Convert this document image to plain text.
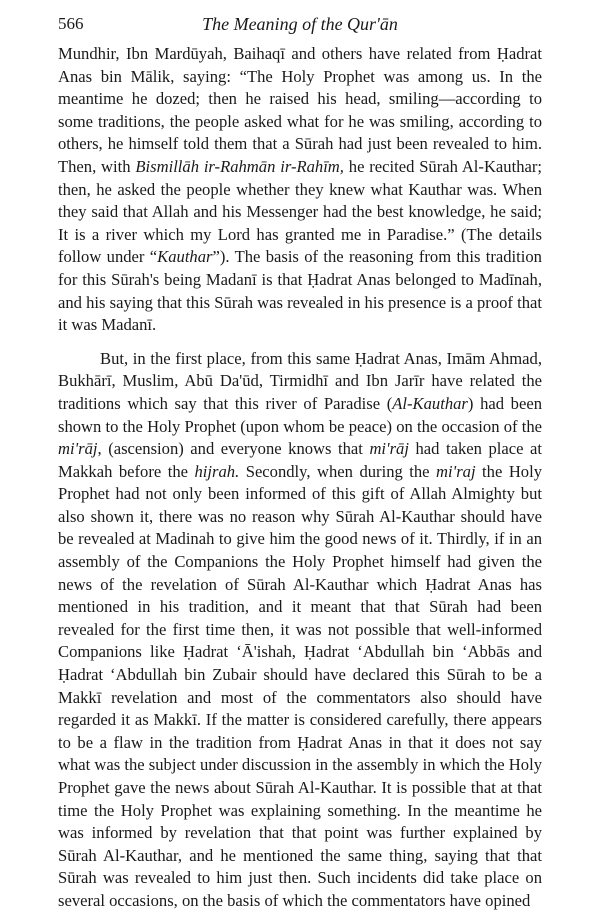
566	The Meaning of the Qur'ān

Mundhir, Ibn Mardūyah, Baihaqī and others have related from Ḥadrat Anas bin Mālik, saying: “The Holy Prophet was among us. In the meantime he dozed; then he raised his head, smiling—according to some traditions, the people asked what for he was smiling, according to others, he himself told them that a Sūrah had just been revealed to him. Then, with Bismillāh ir-Rahmān ir-Rahīm, he recited Sūrah Al-Kauthar; then, he asked the people whether they knew what Kauthar was. When they said that Allah and his Messenger had the best knowledge, he said; It is a river which my Lord has granted me in Paradise.” (The details follow under “Kauthar”). The basis of the reasoning from this tradition for this Sūrah's being Madanī is that Ḥadrat Anas belonged to Madīnah, and his saying that this Sūrah was revealed in his presence is a proof that it was Madanī.

But, in the first place, from this same Ḥadrat Anas, Imām Ahmad, Bukhārī, Muslim, Abū Da'ūd, Tirmidhī and Ibn Jarīr have related the traditions which say that this river of Paradise (Al-Kauthar) had been shown to the Holy Prophet (upon whom be peace) on the occasion of the mi'rāj, (ascension) and everyone knows that mi'rāj had taken place at Makkah before the hijrah. Secondly, when during the mi'raj the Holy Prophet had not only been informed of this gift of Allah Almighty but also shown it, there was no reason why Sūrah Al-Kauthar should have be revealed at Madinah to give him the good news of it. Thirdly, if in an assembly of the Companions the Holy Prophet himself had given the news of the revelation of Sūrah Al-Kauthar which Ḥadrat Anas has mentioned in his tradition, and it meant that that Sūrah had been revealed for the first time then, it was not possible that well-informed Companions like Ḥadrat ‘Ā'ishah, Ḥadrat ‘Abdullah bin ‘Abbās and Ḥadrat ‘Abdullah bin Zubair should have declared this Sūrah to be a Makkī revelation and most of the commentators also should have regarded it as Makkī. If the matter is considered carefully, there appears to be a flaw in the tradition from Ḥadrat Anas in that it does not say what was the subject under discussion in the assembly in which the Holy Prophet gave the news about Sūrah Al-Kauthar. It is possible that at that time the Holy Prophet was explaining something. In the meantime he was informed by revelation that that point was further explained by Sūrah Al-Kauthar, and he mentioned the same thing, saying that that Sūrah was revealed to him just then. Such incidents did take place on several occasions, on the basis of which the commentators have opined
